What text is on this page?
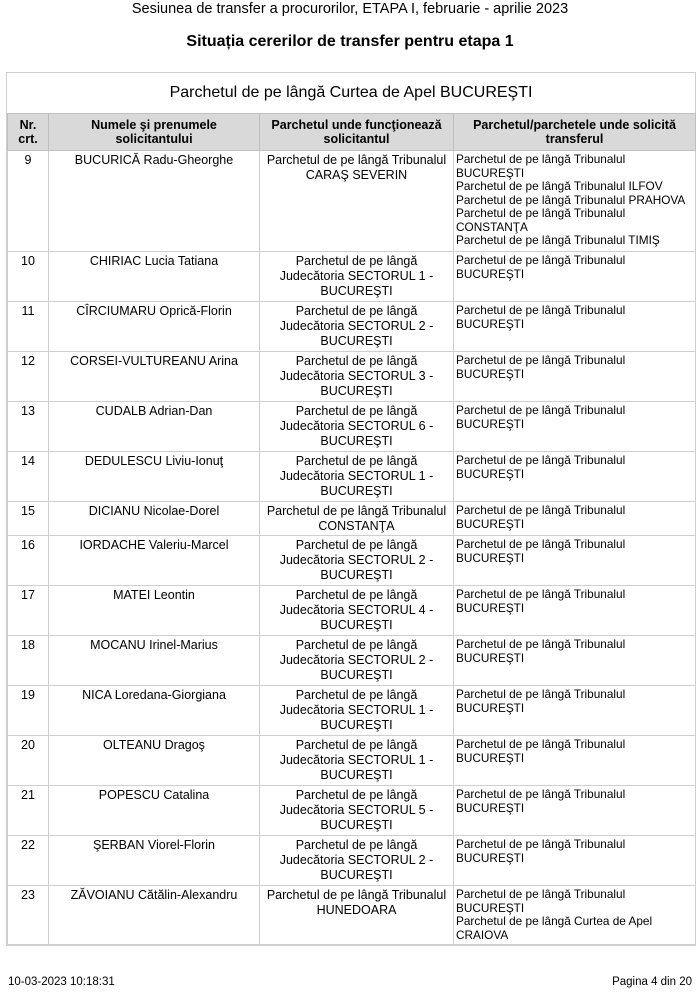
Sesiunea de transfer a procurorilor, ETAPA I, februarie - aprilie 2023
Situația cererilor de transfer pentru etapa 1
Parchetul de pe lângă Curtea de Apel BUCUREŞTI
Nr. crt.	Numele şi prenumele solicitantului	Parchetul unde funcţionează solicitantul	Parchetul/parchetele unde solicită transferul
9	BUCURICĂ Radu-Gheorghe	Parchetul de pe lângă Tribunalul CARAŞ SEVERIN	Parchetul de pe lângă Tribunalul BUCUREŞTI
Parchetul de pe lângă Tribunalul ILFOV
Parchetul de pe lângă Tribunalul PRAHOVA
Parchetul de pe lângă Tribunalul CONSTANŢA
Parchetul de pe lângă Tribunalul TIMIŞ

10	CHIRIAC Lucia Tatiana	Parchetul de pe lângă Judecătoria SECTORUL 1 - BUCUREŞTI	Parchetul de pe lângă Tribunalul BUCUREŞTI

11	CÎRCIUMARU Oprică-Florin	Parchetul de pe lângă Judecătoria SECTORUL 2 - BUCUREŞTI	Parchetul de pe lângă Tribunalul BUCUREŞTI

12	CORSEI-VULTUREANU Arina	Parchetul de pe lângă Judecătoria SECTORUL 3 - BUCUREŞTI	Parchetul de pe lângă Tribunalul BUCUREŞTI

13	CUDALB Adrian-Dan	Parchetul de pe lângă Judecătoria SECTORUL 6 - BUCUREŞTI	Parchetul de pe lângă Tribunalul BUCUREŞTI

14	DEDULESCU Liviu-Ionuţ	Parchetul de pe lângă Judecătoria SECTORUL 1 - BUCUREŞTI	Parchetul de pe lângă Tribunalul BUCUREŞTI

15	DICIANU Nicolae-Dorel	Parchetul de pe lângă Tribunalul CONSTANŢA	Parchetul de pe lângă Tribunalul BUCUREŞTI

16	IORDACHE Valeriu-Marcel	Parchetul de pe lângă Judecătoria SECTORUL 2 - BUCUREŞTI	Parchetul de pe lângă Tribunalul BUCUREŞTI

17	MATEI Leontin	Parchetul de pe lângă Judecătoria SECTORUL 4 - BUCUREŞTI	Parchetul de pe lângă Tribunalul BUCUREŞTI

18	MOCANU Irinel-Marius	Parchetul de pe lângă Judecătoria SECTORUL 2 - BUCUREŞTI	Parchetul de pe lângă Tribunalul BUCUREŞTI

19	NICA Loredana-Giorgiana	Parchetul de pe lângă Judecătoria SECTORUL 1 - BUCUREŞTI	Parchetul de pe lângă Tribunalul BUCUREŞTI

20	OLTEANU Dragoş	Parchetul de pe lângă Judecătoria SECTORUL 1 - BUCUREŞTI	Parchetul de pe lângă Tribunalul BUCUREŞTI

21	POPESCU Catalina	Parchetul de pe lângă Judecătoria SECTORUL 5 - BUCUREŞTI	Parchetul de pe lângă Tribunalul BUCUREŞTI

22	ŞERBAN Viorel-Florin	Parchetul de pe lângă Judecătoria SECTORUL 2 - BUCUREŞTI	Parchetul de pe lângă Tribunalul BUCUREŞTI

23	ZĂVOIANU Cătălin-Alexandru	Parchetul de pe lângă Tribunalul HUNEDOARA	Parchetul de pe lângă Tribunalul BUCUREŞTI
Parchetul de pe lângă Curtea de Apel CRAIOVA
10-03-2023 10:18:31	Pagina 4 din 20
